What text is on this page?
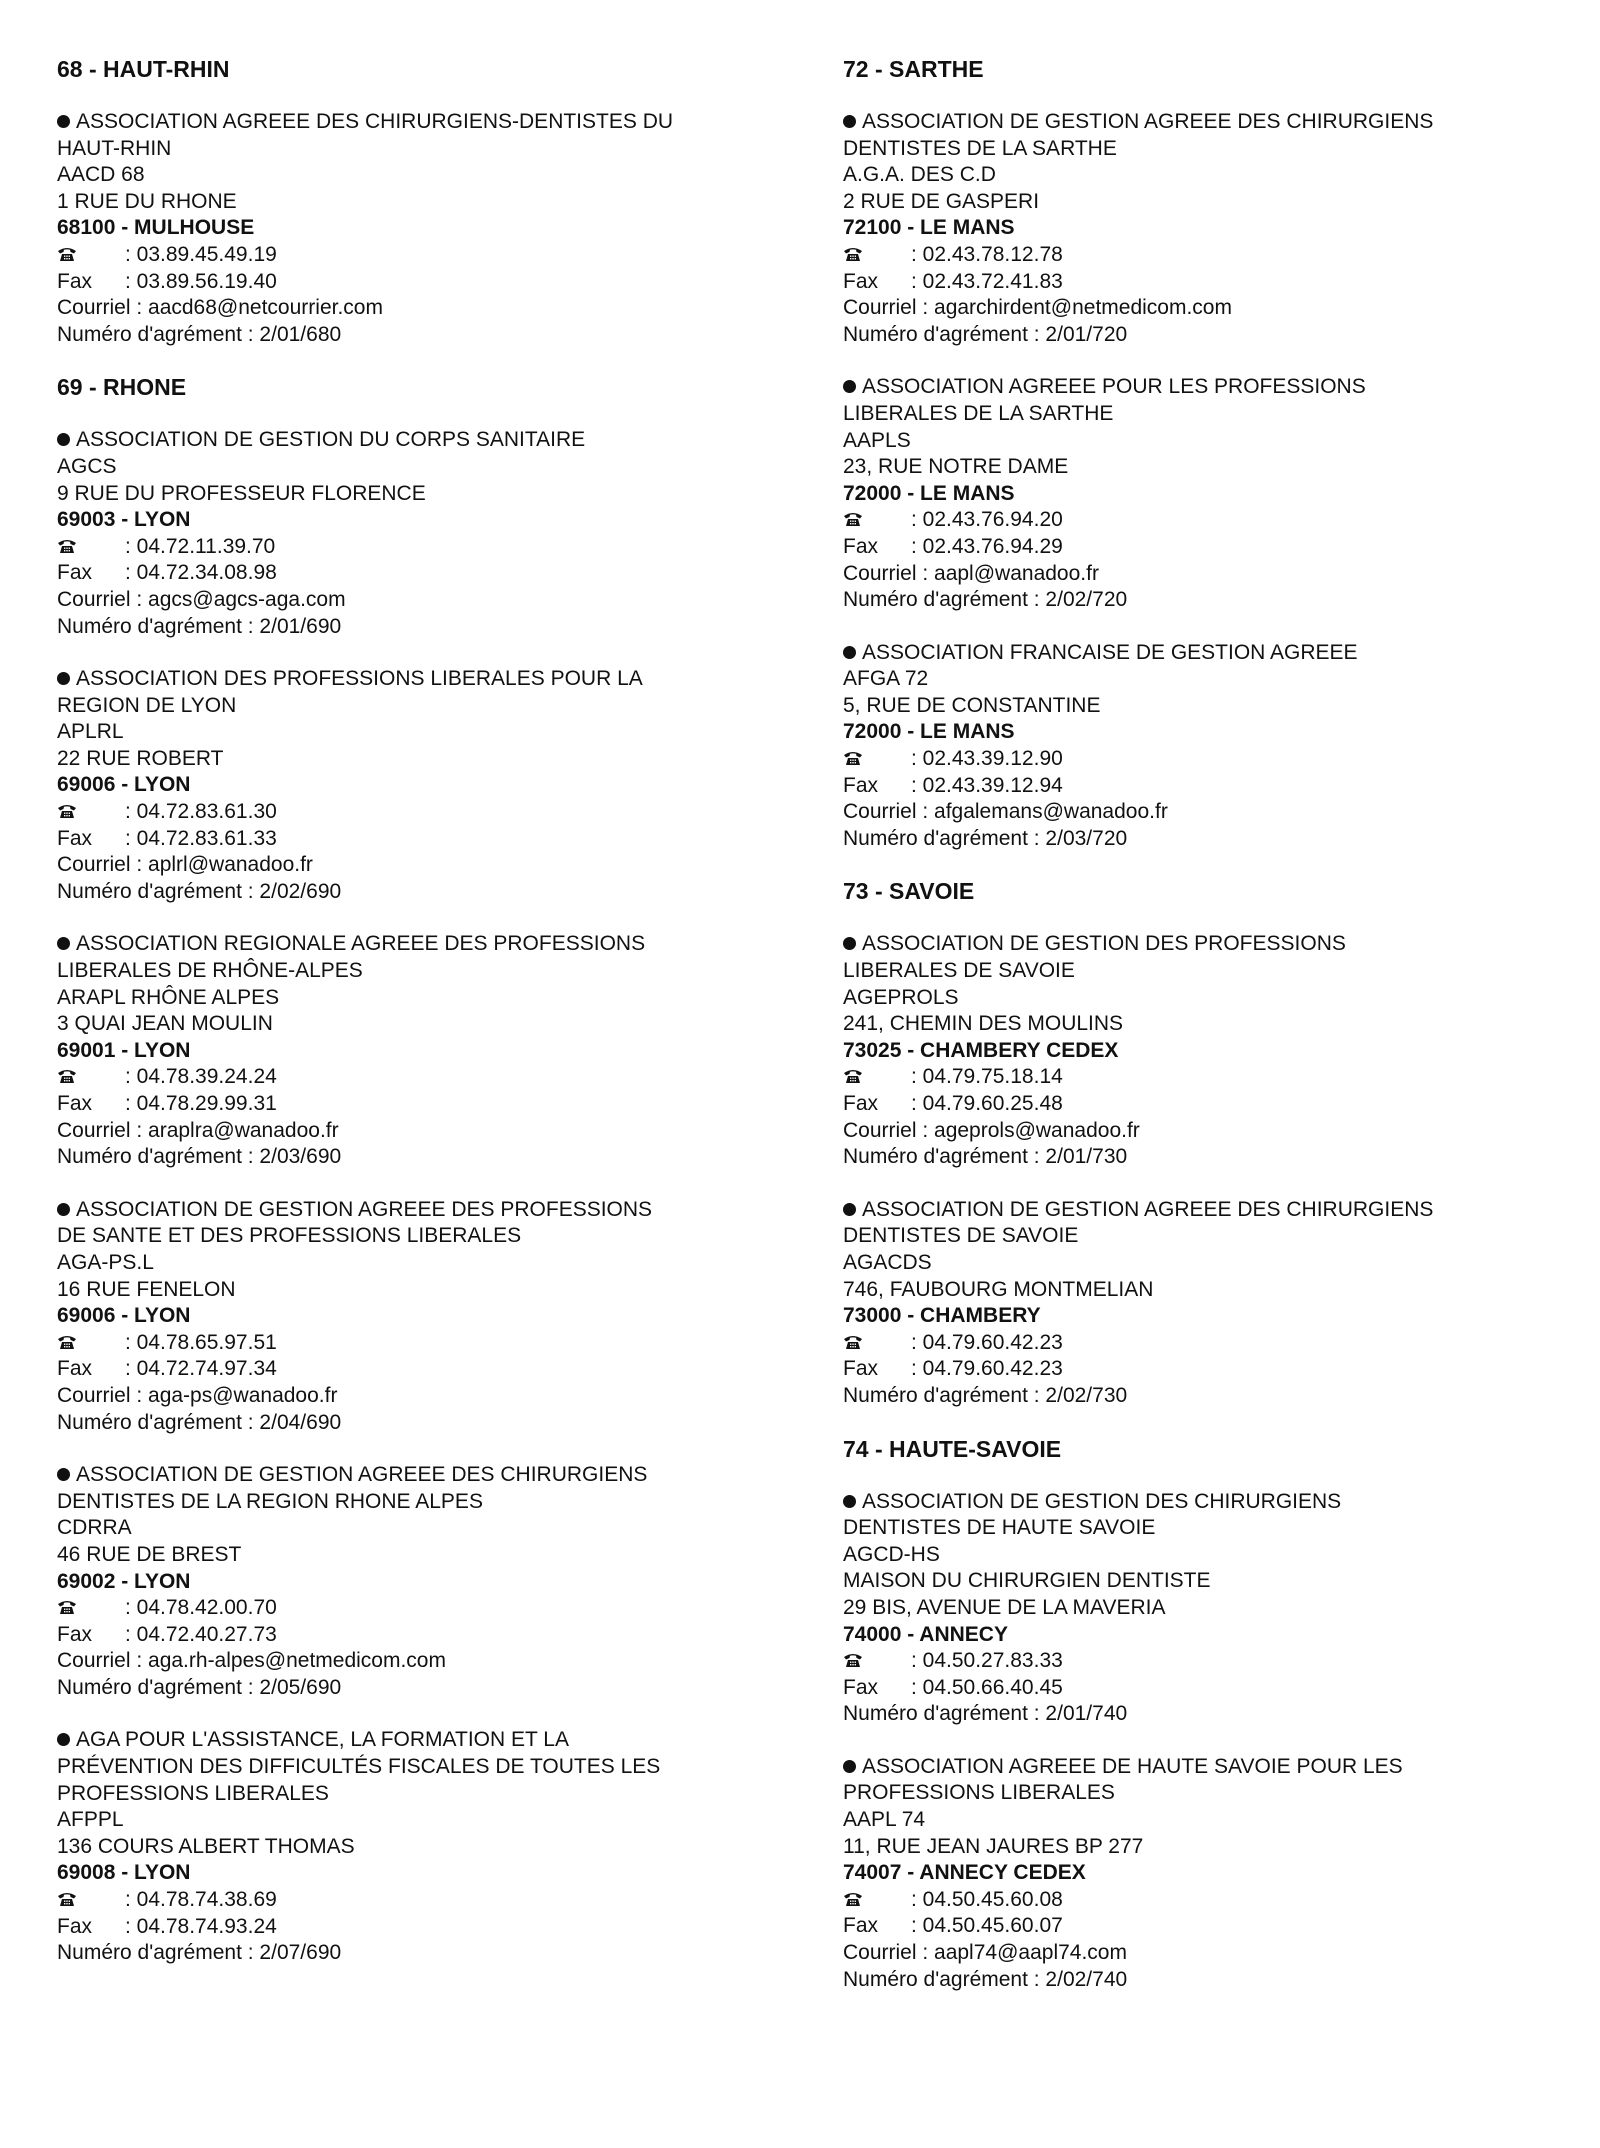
68 - HAUT-RHIN
ASSOCIATION AGREEE DES CHIRURGIENS-DENTISTES DU
HAUT-RHIN
AACD 68
1 RUE DU RHONE
68100 - MULHOUSE
: 03.89.45.49.19
Fax : 03.89.56.19.40
Courriel : aacd68@netcourrier.com
Numéro d'agrément : 2/01/680
69 - RHONE
ASSOCIATION DE GESTION DU CORPS SANITAIRE
AGCS
9 RUE DU PROFESSEUR FLORENCE
69003 - LYON
: 04.72.11.39.70
Fax : 04.72.34.08.98
Courriel : agcs@agcs-aga.com
Numéro d'agrément : 2/01/690
ASSOCIATION DES PROFESSIONS LIBERALES POUR LA
REGION DE LYON
APLRL
22 RUE ROBERT
69006 - LYON
: 04.72.83.61.30
Fax : 04.72.83.61.33
Courriel : aplrl@wanadoo.fr
Numéro d'agrément : 2/02/690
ASSOCIATION REGIONALE AGREEE DES PROFESSIONS
LIBERALES DE RHÔNE-ALPES
ARAPL RHÔNE ALPES
3 QUAI JEAN MOULIN
69001 - LYON
: 04.78.39.24.24
Fax : 04.78.29.99.31
Courriel : araplra@wanadoo.fr
Numéro d'agrément : 2/03/690
ASSOCIATION DE GESTION AGREEE DES PROFESSIONS
DE SANTE ET DES PROFESSIONS LIBERALES
AGA-PS.L
16 RUE FENELON
69006 - LYON
: 04.78.65.97.51
Fax : 04.72.74.97.34
Courriel : aga-ps@wanadoo.fr
Numéro d'agrément : 2/04/690
ASSOCIATION DE GESTION AGREEE DES CHIRURGIENS
DENTISTES DE LA REGION RHONE ALPES
CDRRA
46 RUE DE BREST
69002 - LYON
: 04.78.42.00.70
Fax : 04.72.40.27.73
Courriel : aga.rh-alpes@netmedicom.com
Numéro d'agrément : 2/05/690
AGA POUR L'ASSISTANCE, LA FORMATION ET LA
PRÉVENTION DES DIFFICULTÉS FISCALES DE TOUTES LES
PROFESSIONS LIBERALES
AFPPL
136 COURS ALBERT THOMAS
69008 - LYON
: 04.78.74.38.69
Fax : 04.78.74.93.24
Numéro d'agrément : 2/07/690
72 - SARTHE
ASSOCIATION DE GESTION AGREEE DES CHIRURGIENS
DENTISTES DE LA SARTHE
A.G.A. DES C.D
2 RUE DE GASPERI
72100 - LE MANS
: 02.43.78.12.78
Fax : 02.43.72.41.83
Courriel : agarchirdent@netmedicom.com
Numéro d'agrément : 2/01/720
ASSOCIATION AGREEE POUR LES PROFESSIONS
LIBERALES DE LA SARTHE
AAPLS
23, RUE NOTRE DAME
72000 - LE MANS
: 02.43.76.94.20
Fax : 02.43.76.94.29
Courriel : aapl@wanadoo.fr
Numéro d'agrément : 2/02/720
ASSOCIATION FRANCAISE DE GESTION AGREEE
AFGA 72
5, RUE DE CONSTANTINE
72000 - LE MANS
: 02.43.39.12.90
Fax : 02.43.39.12.94
Courriel : afgalemans@wanadoo.fr
Numéro d'agrément : 2/03/720
73 - SAVOIE
ASSOCIATION DE GESTION DES PROFESSIONS
LIBERALES DE SAVOIE
AGEPROLS
241, CHEMIN DES MOULINS
73025 - CHAMBERY CEDEX
: 04.79.75.18.14
Fax : 04.79.60.25.48
Courriel : ageprols@wanadoo.fr
Numéro d'agrément : 2/01/730
ASSOCIATION DE GESTION AGREEE DES CHIRURGIENS
DENTISTES DE SAVOIE
AGACDS
746, FAUBOURG MONTMELIAN
73000 - CHAMBERY
: 04.79.60.42.23
Fax : 04.79.60.42.23
Numéro d'agrément : 2/02/730
74 - HAUTE-SAVOIE
ASSOCIATION DE GESTION DES CHIRURGIENS
DENTISTES DE HAUTE SAVOIE
AGCD-HS
MAISON DU CHIRURGIEN DENTISTE
29 BIS, AVENUE DE LA MAVERIA
74000 - ANNECY
: 04.50.27.83.33
Fax : 04.50.66.40.45
Numéro d'agrément : 2/01/740
ASSOCIATION AGREEE DE HAUTE SAVOIE POUR LES
PROFESSIONS LIBERALES
AAPL 74
11, RUE JEAN JAURES BP 277
74007 - ANNECY CEDEX
: 04.50.45.60.08
Fax : 04.50.45.60.07
Courriel : aapl74@aapl74.com
Numéro d'agrément : 2/02/740
